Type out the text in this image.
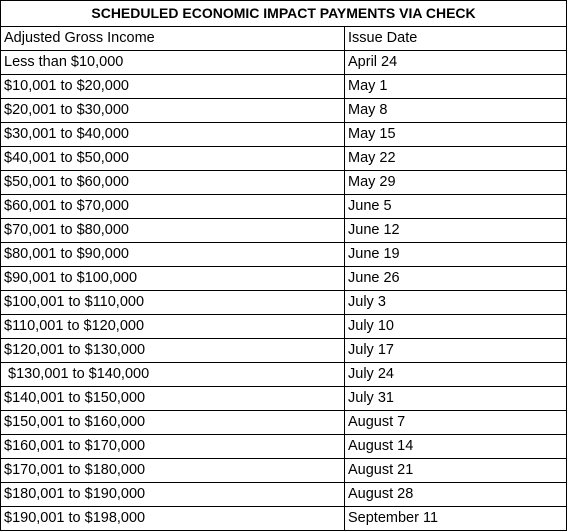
SCHEDULED ECONOMIC IMPACT PAYMENTS VIA CHECK	
Adjusted Gross Income	Issue Date
Less than $10,000	April 24
$10,001 to $20,000	May 1
$20,001 to $30,000	May 8
$30,001 to $40,000	May 15
$40,001 to $50,000	May 22
$50,001 to $60,000	May 29
$60,001 to $70,000	June 5
$70,001 to $80,000	June 12
$80,001 to $90,000	June 19
$90,001 to $100,000	June 26
$100,001 to $110,000	July 3
$110,001 to $120,000	July 10
$120,001 to $130,000	July 17
$130,001 to $140,000	July 24
$140,001 to $150,000	July 31
$150,001 to $160,000	August 7
$160,001 to $170,000	August 14
$170,001 to $180,000	August 21
$180,001 to $190,000	August 28
$190,001 to $198,000	September 11
